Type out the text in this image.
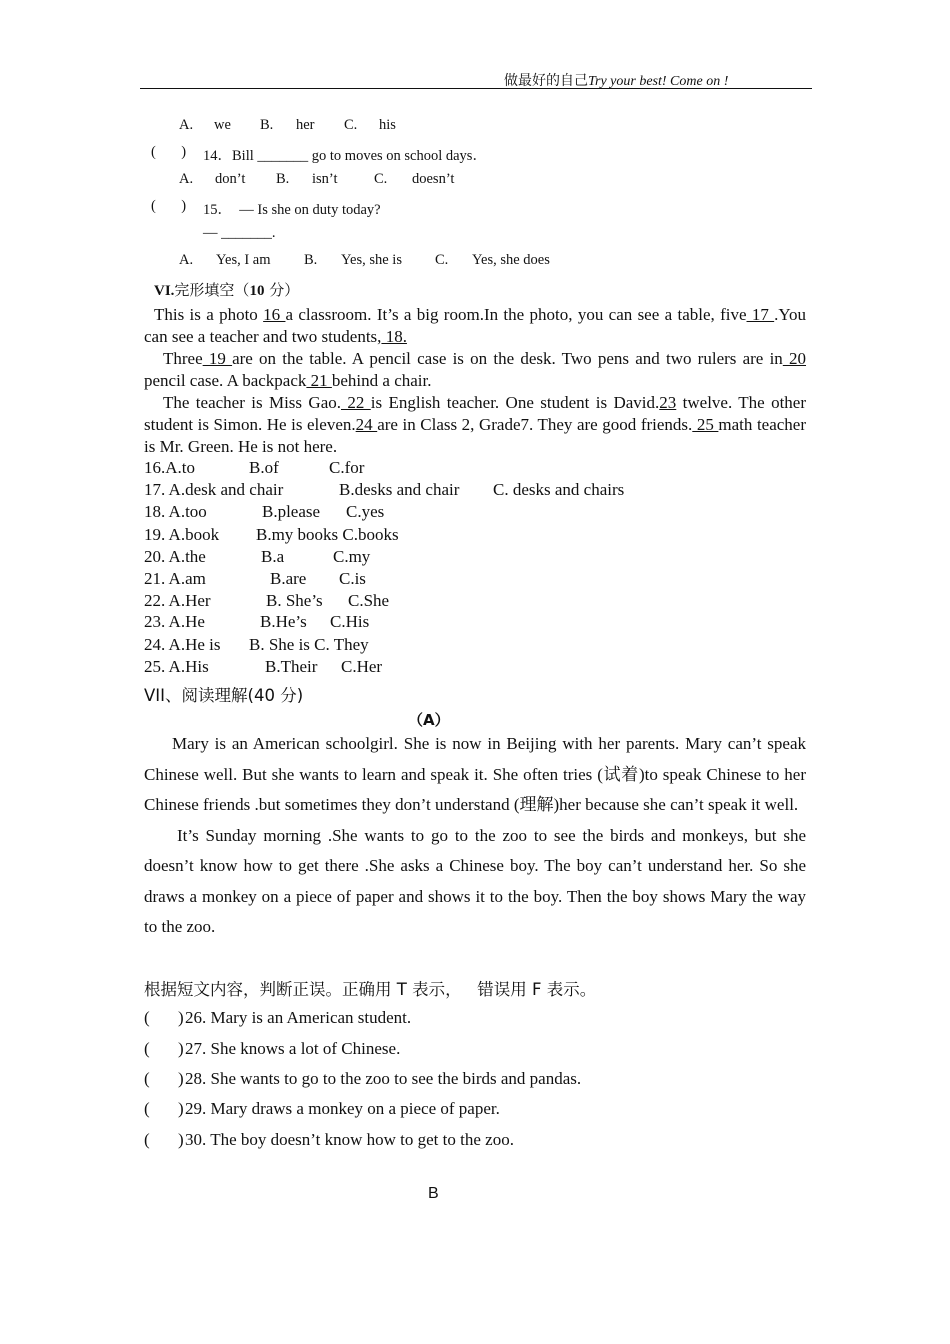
做最好的自己Try your best! Come on !
A. we B. her C. his
(       ) 14．Bill _______ go to moves on school days．
A. don’t B. isn’t	C. doesn’t
(       ) 15．  — Is she on duty today?
— _______.
A. Yes, I am B. Yes, she is C. Yes, she does
VI.完形填空（10 分）

This is a photo 16 a classroom. It’s a big room.In the photo, you can see a table, five 17 .You can see a teacher and two students, 18.

Three 19 are on the table. A pencil case is on the desk. Two pens and two rulers are in 20 pencil case. A backpack 21 behind a chair.

The teacher is Miss Gao. 22 is English teacher. One student is David.23 twelve. The other student is Simon. He is eleven.24 are in Class 2, Grade7. They are good friends. 25 math teacher is Mr. Green. He is not here.

16.A.to	B.of	C.for
17. A.desk and chair	B.desks and chair C. desks and chairs
18. A.too	B.please C.yes
19. A.book B.my books C.books
20. A.the	B.a	C.my
21. A.am	B.are C.is
22. A.Her	B. She’s C.She
23. A.He	B.He’s C.His
24. A.He is B. She is C. They
25. A.His	B.Their C.Her
VII、阅读理解(40 分)
（A）

Mary is an American schoolgirl. She is now in Beijing with her parents. Mary can’t speak Chinese well. But she wants to learn and speak it. She often tries (试着)to speak Chinese to her Chinese friends .but sometimes they don’t understand (理解)her because she can’t speak it well.

It’s Sunday morning .She wants to go to the zoo to see the birds and monkeys, but she doesn’t know how to get there .She asks a Chinese boy. The boy can’t understand her. So she draws a monkey on a piece of paper and shows it to the boy. Then the boy shows Mary the way to the zoo.

根据短文内容，判断正误。正确用 T 表示，   错误用 F 表示。
( ) 26. Mary is an American student.
( ) 27. She knows a lot of Chinese.
( ) 28. She wants to go to the zoo to see the birds and pandas.
( ) 29. Mary draws a monkey on a piece of paper.
( ) 30. The boy doesn’t know how to get to the zoo.
B
